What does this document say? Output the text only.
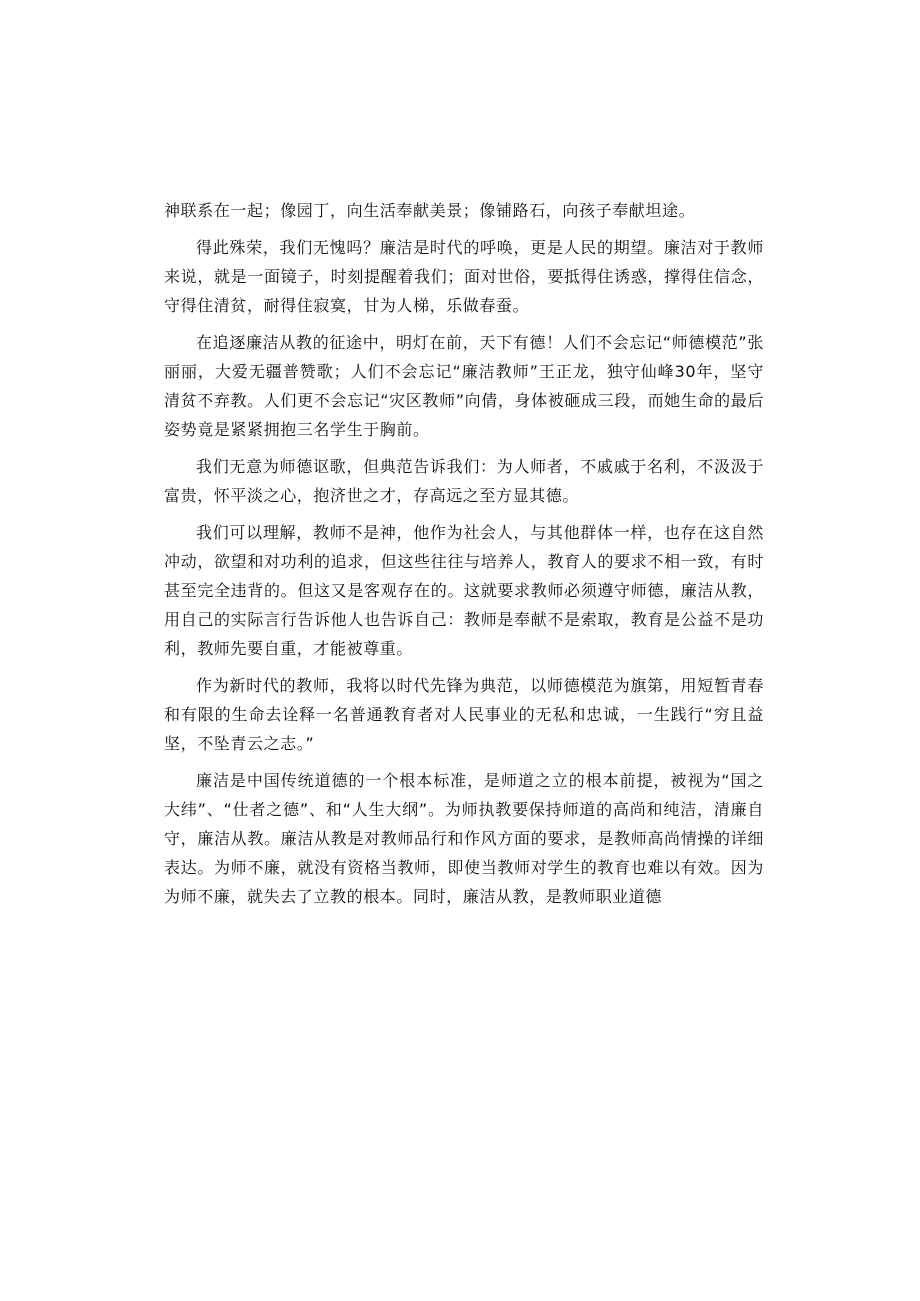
神联系在一起；像园丁，向生活奉献美景；像铺路石，向孩子奉献坦途。

得此殊荣，我们无愧吗？廉洁是时代的呼唤，更是人民的期望。廉洁对于教师来说，就是一面镜子，时刻提醒着我们；面对世俗，要抵得住诱惑，撑得住信念，守得住清贫，耐得住寂寞，甘为人梯，乐做春蚕。

在追逐廉洁从教的征途中，明灯在前，天下有德！人们不会忘记“师德模范”张丽丽，大爱无疆普赞歌；人们不会忘记“廉洁教师”王正龙，独守仙峰30年，坚守清贫不弃教。人们更不会忘记“灾区教师”向倩，身体被砸成三段，而她生命的最后姿势竟是紧紧拥抱三名学生于胸前。

我们无意为师德讴歌，但典范告诉我们：为人师者，不戚戚于名利，不汲汲于富贵，怀平淡之心，抱济世之才，存高远之至方显其德。

我们可以理解，教师不是神，他作为社会人，与其他群体一样，也存在这自然冲动，欲望和对功利的追求，但这些往往与培养人，教育人的要求不相一致，有时甚至完全违背的。但这又是客观存在的。这就要求教师必须遵守师德，廉洁从教，用自己的实际言行告诉他人也告诉自己：教师是奉献不是索取，教育是公益不是功利，教师先要自重，才能被尊重。

作为新时代的教师，我将以时代先锋为典范，以师德模范为旗第，用短暂青春和有限的生命去诠释一名普通教育者对人民事业的无私和忠诚，一生践行“穷且益坚，不坠青云之志。”

廉洁是中国传统道德的一个根本标准，是师道之立的根本前提，被视为“国之大纬”、“仕者之德”、和“人生大纲”。为师执教要保持师道的高尚和纯洁，清廉自守，廉洁从教。廉洁从教是对教师品行和作风方面的要求，是教师高尚情操的详细表达。为师不廉，就没有资格当教师，即使当教师对学生的教育也难以有效。因为为师不廉，就失去了立教的根本。同时，廉洁从教，是教师职业道德
